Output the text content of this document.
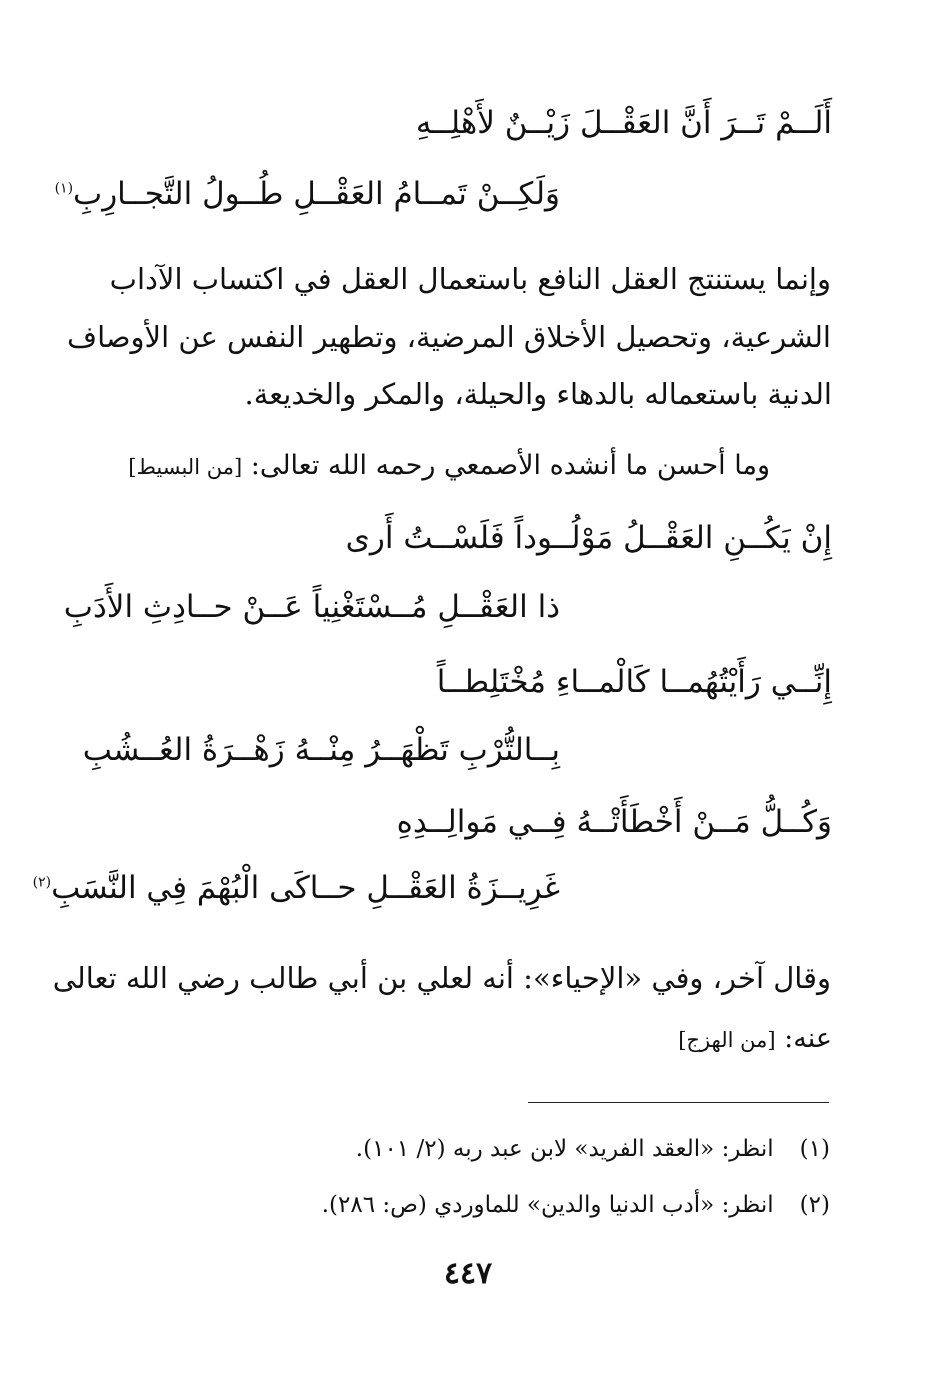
أَلَــمْ تَــرَ أَنَّ العَقْــلَ زَيْــنٌ لأَهْلِــهِ
وَلَكِــنْ تَمــامُ العَقْــلِ طُــولُ التَّجــارِبِ$^{(١)}$
وإنما يستنتج العقل النافع باستعمال العقل في اكتساب الآداب
الشرعية، وتحصيل الأخلاق المرضية، وتطهير النفس عن الأوصاف
الدنية باستعماله بالدهاء والحيلة، والمكر والخديعة.
وما أحسن ما أنشده الأصمعي رحمه الله تعالى: [من البسيط]
إِنْ يَكُــنِ العَقْــلُ مَوْلُــوداً فَلَسْــتُ أَرى
ذا العَقْــلِ مُــسْتَغْنِياً عَــنْ حــادِثِ الأَدَبِ
إِنِّــي رَأَيْتُهُمــا كَالْمــاءِ مُخْتَلِطــاً
بِــالتُّرْبِ تَظْهَــرُ مِنْــهُ زَهْــرَةُ العُــشُبِ
وَكُــلُّ مَــنْ أَخْطَأَتْــهُ فِــي مَوالِــدِهِ
غَرِيــزَةُ العَقْــلِ حــاكَى الْبُهْمَ فِي النَّسَبِ$^{(٢)}$
وقال آخر، وفي «الإحياء»: أنه لعلي بن أبي طالب رضي الله تعالى
عنه: [من الهزج]
(١)انظر: «العقد الفريد» لابن عبد ربه (٢/ ١٠١).
(٢)انظر: «أدب الدنيا والدين» للماوردي (ص: ٢٨٦).
٤٤٧
